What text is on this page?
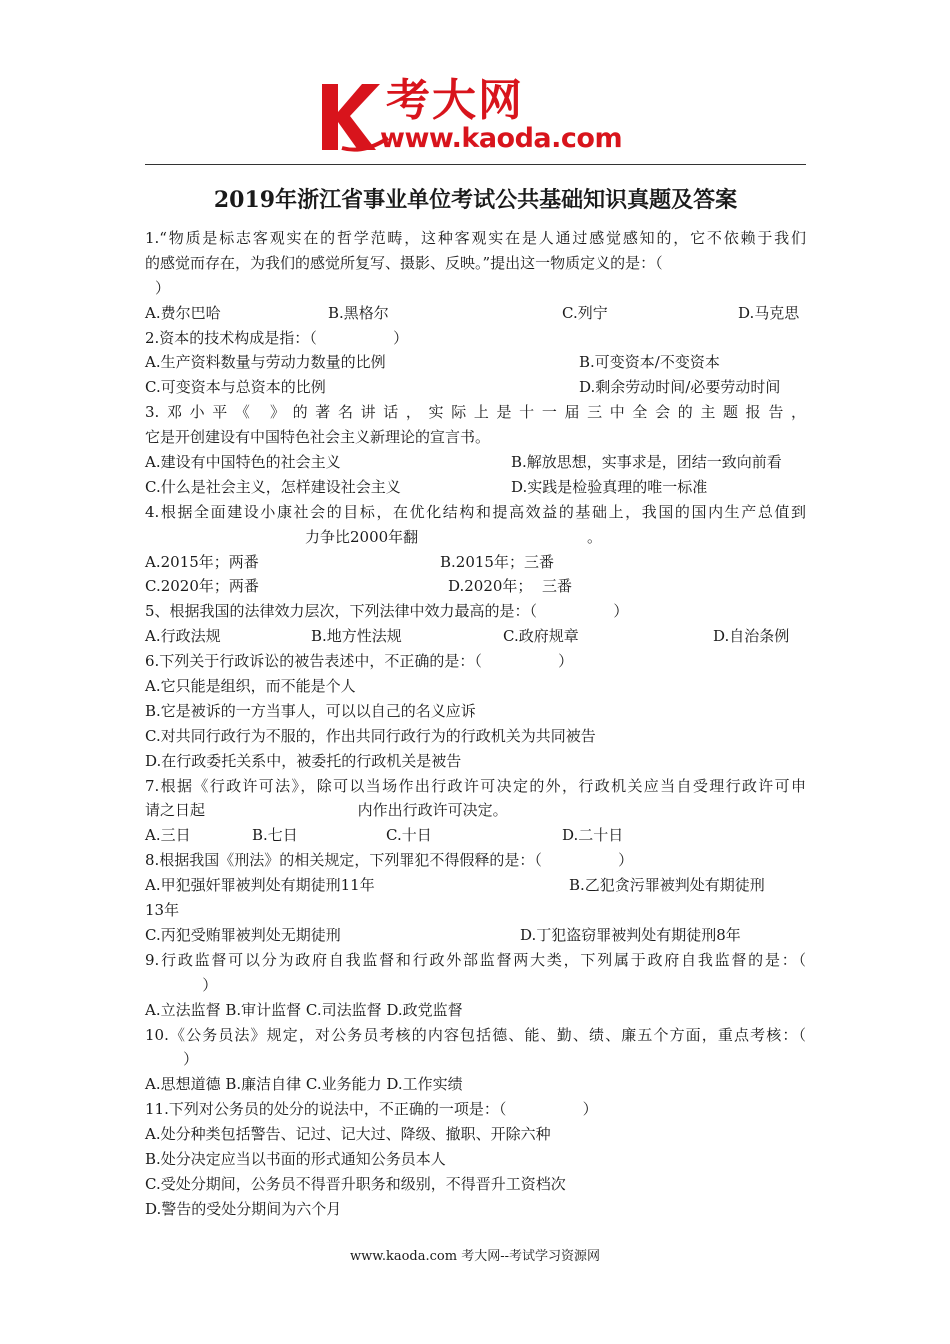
考大网
www.kaoda.com
2019年浙江省事业单位考试公共基础知识真题及答案
1.“物质是标志客观实在的哲学范畴，这种客观实在是人通过感觉感知的，它不依赖于我们
的感觉而存在，为我们的感觉所复写、摄影、反映。”提出这一物质定义的是：（
）

A.费尔巴哈

	B.黑格尔

	C.列宁

	D.马克思

2.资本的技术构成是指：（                ）

A.生产资料数量与劳动力数量的比例

	B.可变资本/不变资本

C.可变资本与总资本的比例

	D.剩余劳动时间/必要劳动时间

3.邓小平《 》的著名讲话，实际上是十一届三中全会的主题报告，
它是开创建设有中国特色社会主义新理论的宣言书。

A.建设有中国特色的社会主义

	B.解放思想，实事求是，团结一致向前看

C.什么是社会主义，怎样建设社会主义

	D.实践是检验真理的唯一标准

4.根据全面建设小康社会的目标，在优化结构和提高效益的基础上，我国的国内生产总值到

力争比2000年翻

	。

A.2015年；两番

	B.2015年；三番

C.2020年；两番

	D.2020年；  三番

5、根据我国的法律效力层次，下列法律中效力最高的是：（                ）

A.行政法规

	B.地方性法规

	C.政府规章

	D.自治条例

6.下列关于行政诉讼的被告表述中，不正确的是：（                ）
A.它只能是组织，而不能是个人
B.它是被诉的一方当事人，可以以自己的名义应诉
C.对共同行政行为不服的，作出共同行政行为的行政机关为共同被告
D.在行政委托关系中，被委托的行政机关是被告
7.根据《行政许可法》，除可以当场作出行政许可决定的外，行政机关应当自受理行政许可申
请之日起                                内作出行政许可决定。

A.三日

	B.七日

	C.十日

	D.二十日

8.根据我国《刑法》的相关规定，下列罪犯不得假释的是：（                ）

A.甲犯强奸罪被判处有期徒刑11年

	B.乙犯贪污罪被判处有期徒刑

13年

C.丙犯受贿罪被判处无期徒刑

	D.丁犯盗窃罪被判处有期徒刑8年

9.行政监督可以分为政府自我监督和行政外部监督两大类，下列属于政府自我监督的是：（
）
A.立法监督 B.审计监督 C.司法监督 D.政党监督
10.《公务员法》规定，对公务员考核的内容包括德、能、勤、绩、廉五个方面，重点考核：（
）
A.思想道德 B.廉洁自律 C.业务能力 D.工作实绩
11.下列对公务员的处分的说法中，不正确的一项是：（                ）
A.处分种类包括警告、记过、记大过、降级、撤职、开除六种
B.处分决定应当以书面的形式通知公务员本人
C.受处分期间，公务员不得晋升职务和级别，不得晋升工资档次
D.警告的受处分期间为六个月
www.kaoda.com 考大网--考试学习资源网
